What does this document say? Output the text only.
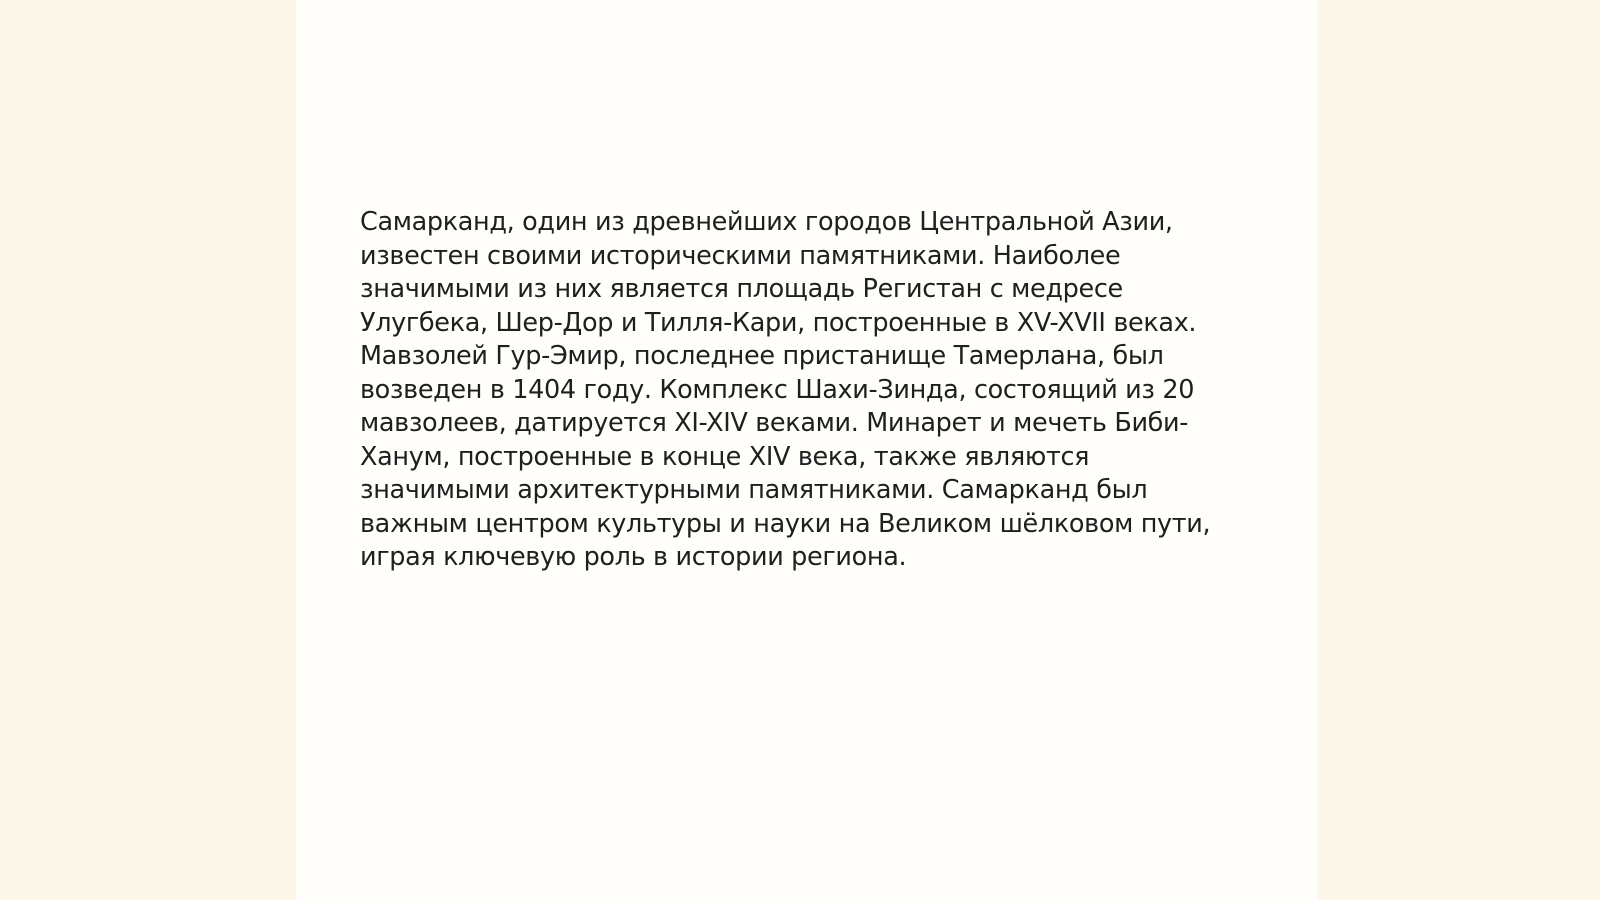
Самарканд, один из древнейших городов Центральной Азии,
известен своими историческими памятниками. Наиболее
значимыми из них является площадь Регистан с медресе
Улугбека, Шер-Дор и Тилля-Кари, построенные в XV-XVII веках.
Мавзолей Гур-Эмир, последнее пристанище Тамерлана, был
возведен в 1404 году. Комплекс Шахи-Зинда, состоящий из 20
мавзолеев, датируется XI-XIV веками. Минарет и мечеть Биби-
Ханум, построенные в конце XIV века, также являются
значимыми архитектурными памятниками. Самарканд был
важным центром культуры и науки на Великом шёлковом пути,
играя ключевую роль в истории региона.
